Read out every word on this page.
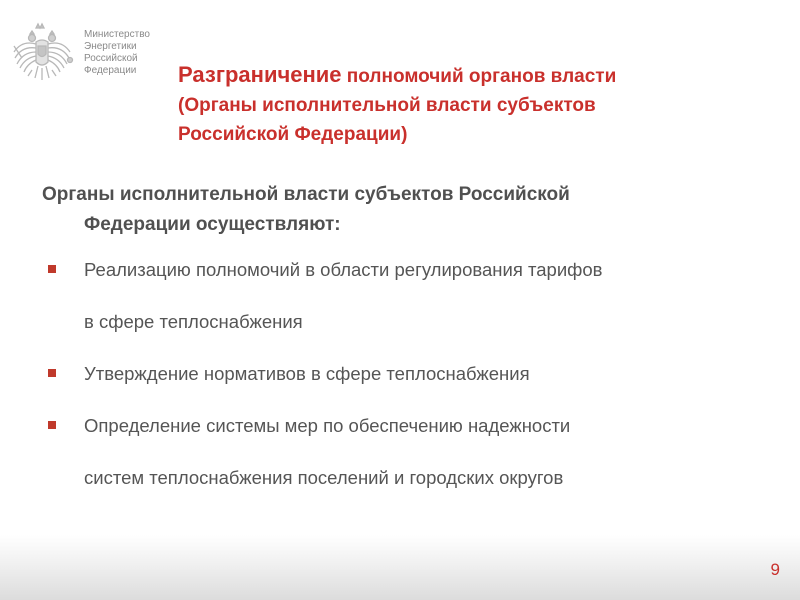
Министерство
Энергетики
Российской
Федерации	Разграничение полномочий органов власти
(Органы исполнительной власти субъектов
Российской Федерации)
Органы исполнительной власти субъектов Российской
Федерации осуществляют:
Реализацию полномочий в области регулирования тарифов
в сфере теплоснабжения
Утверждение нормативов в сфере теплоснабжения
Определение системы мер по обеспечению надежности
систем теплоснабжения поселений и городских округов
9
